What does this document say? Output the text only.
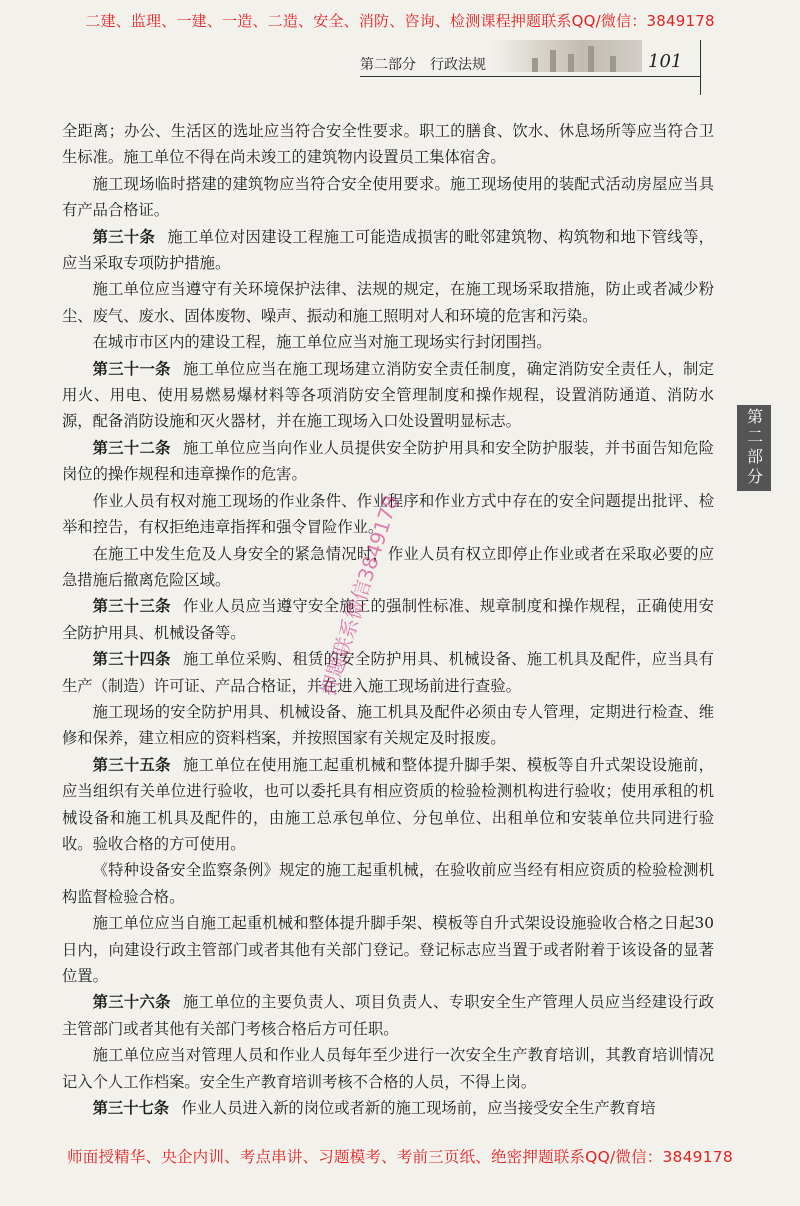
二建、监理、一建、一造、二造、安全、消防、咨询、检测课程押题联系QQ/微信：3849178
第二部分　行政法规	101
第二部分

全距离；办公、生活区的选址应当符合安全性要求。职工的膳食、饮水、休息场所等应当符合卫生标准。施工单位不得在尚未竣工的建筑物内设置员工集体宿舍。

施工现场临时搭建的建筑物应当符合安全使用要求。施工现场使用的装配式活动房屋应当具有产品合格证。

第三十条 施工单位对因建设工程施工可能造成损害的毗邻建筑物、构筑物和地下管线等，应当采取专项防护措施。

施工单位应当遵守有关环境保护法律、法规的规定，在施工现场采取措施，防止或者减少粉尘、废气、废水、固体废物、噪声、振动和施工照明对人和环境的危害和污染。

在城市市区内的建设工程，施工单位应当对施工现场实行封闭围挡。

第三十一条 施工单位应当在施工现场建立消防安全责任制度，确定消防安全责任人，制定用火、用电、使用易燃易爆材料等各项消防安全管理制度和操作规程，设置消防通道、消防水源，配备消防设施和灭火器材，并在施工现场入口处设置明显标志。

第三十二条 施工单位应当向作业人员提供安全防护用具和安全防护服装，并书面告知危险岗位的操作规程和违章操作的危害。

作业人员有权对施工现场的作业条件、作业程序和作业方式中存在的安全问题提出批评、检举和控告，有权拒绝违章指挥和强令冒险作业。

在施工中发生危及人身安全的紧急情况时，作业人员有权立即停止作业或者在采取必要的应急措施后撤离危险区域。

第三十三条 作业人员应当遵守安全施工的强制性标准、规章制度和操作规程，正确使用安全防护用具、机械设备等。

第三十四条 施工单位采购、租赁的安全防护用具、机械设备、施工机具及配件，应当具有生产（制造）许可证、产品合格证，并在进入施工现场前进行查验。

施工现场的安全防护用具、机械设备、施工机具及配件必须由专人管理，定期进行检查、维修和保养，建立相应的资料档案，并按照国家有关规定及时报废。

第三十五条 施工单位在使用施工起重机械和整体提升脚手架、模板等自升式架设设施前，应当组织有关单位进行验收，也可以委托具有相应资质的检验检测机构进行验收；使用承租的机械设备和施工机具及配件的，由施工总承包单位、分包单位、出租单位和安装单位共同进行验收。验收合格的方可使用。

《特种设备安全监察条例》规定的施工起重机械，在验收前应当经有相应资质的检验检测机构监督检验合格。

施工单位应当自施工起重机械和整体提升脚手架、模板等自升式架设设施验收合格之日起30日内，向建设行政主管部门或者其他有关部门登记。登记标志应当置于或者附着于该设备的显著位置。

第三十六条 施工单位的主要负责人、项目负责人、专职安全生产管理人员应当经建设行政主管部门或者其他有关部门考核合格后方可任职。

施工单位应当对管理人员和作业人员每年至少进行一次安全生产教育培训，其教育培训情况记入个人工作档案。安全生产教育培训考核不合格的人员，不得上岗。

第三十七条 作业人员进入新的岗位或者新的施工现场前，应当接受安全生产教育培

押题联系微信3849178
师面授精华、央企内训、考点串讲、习题模考、考前三页纸、绝密押题联系QQ/微信：3849178
